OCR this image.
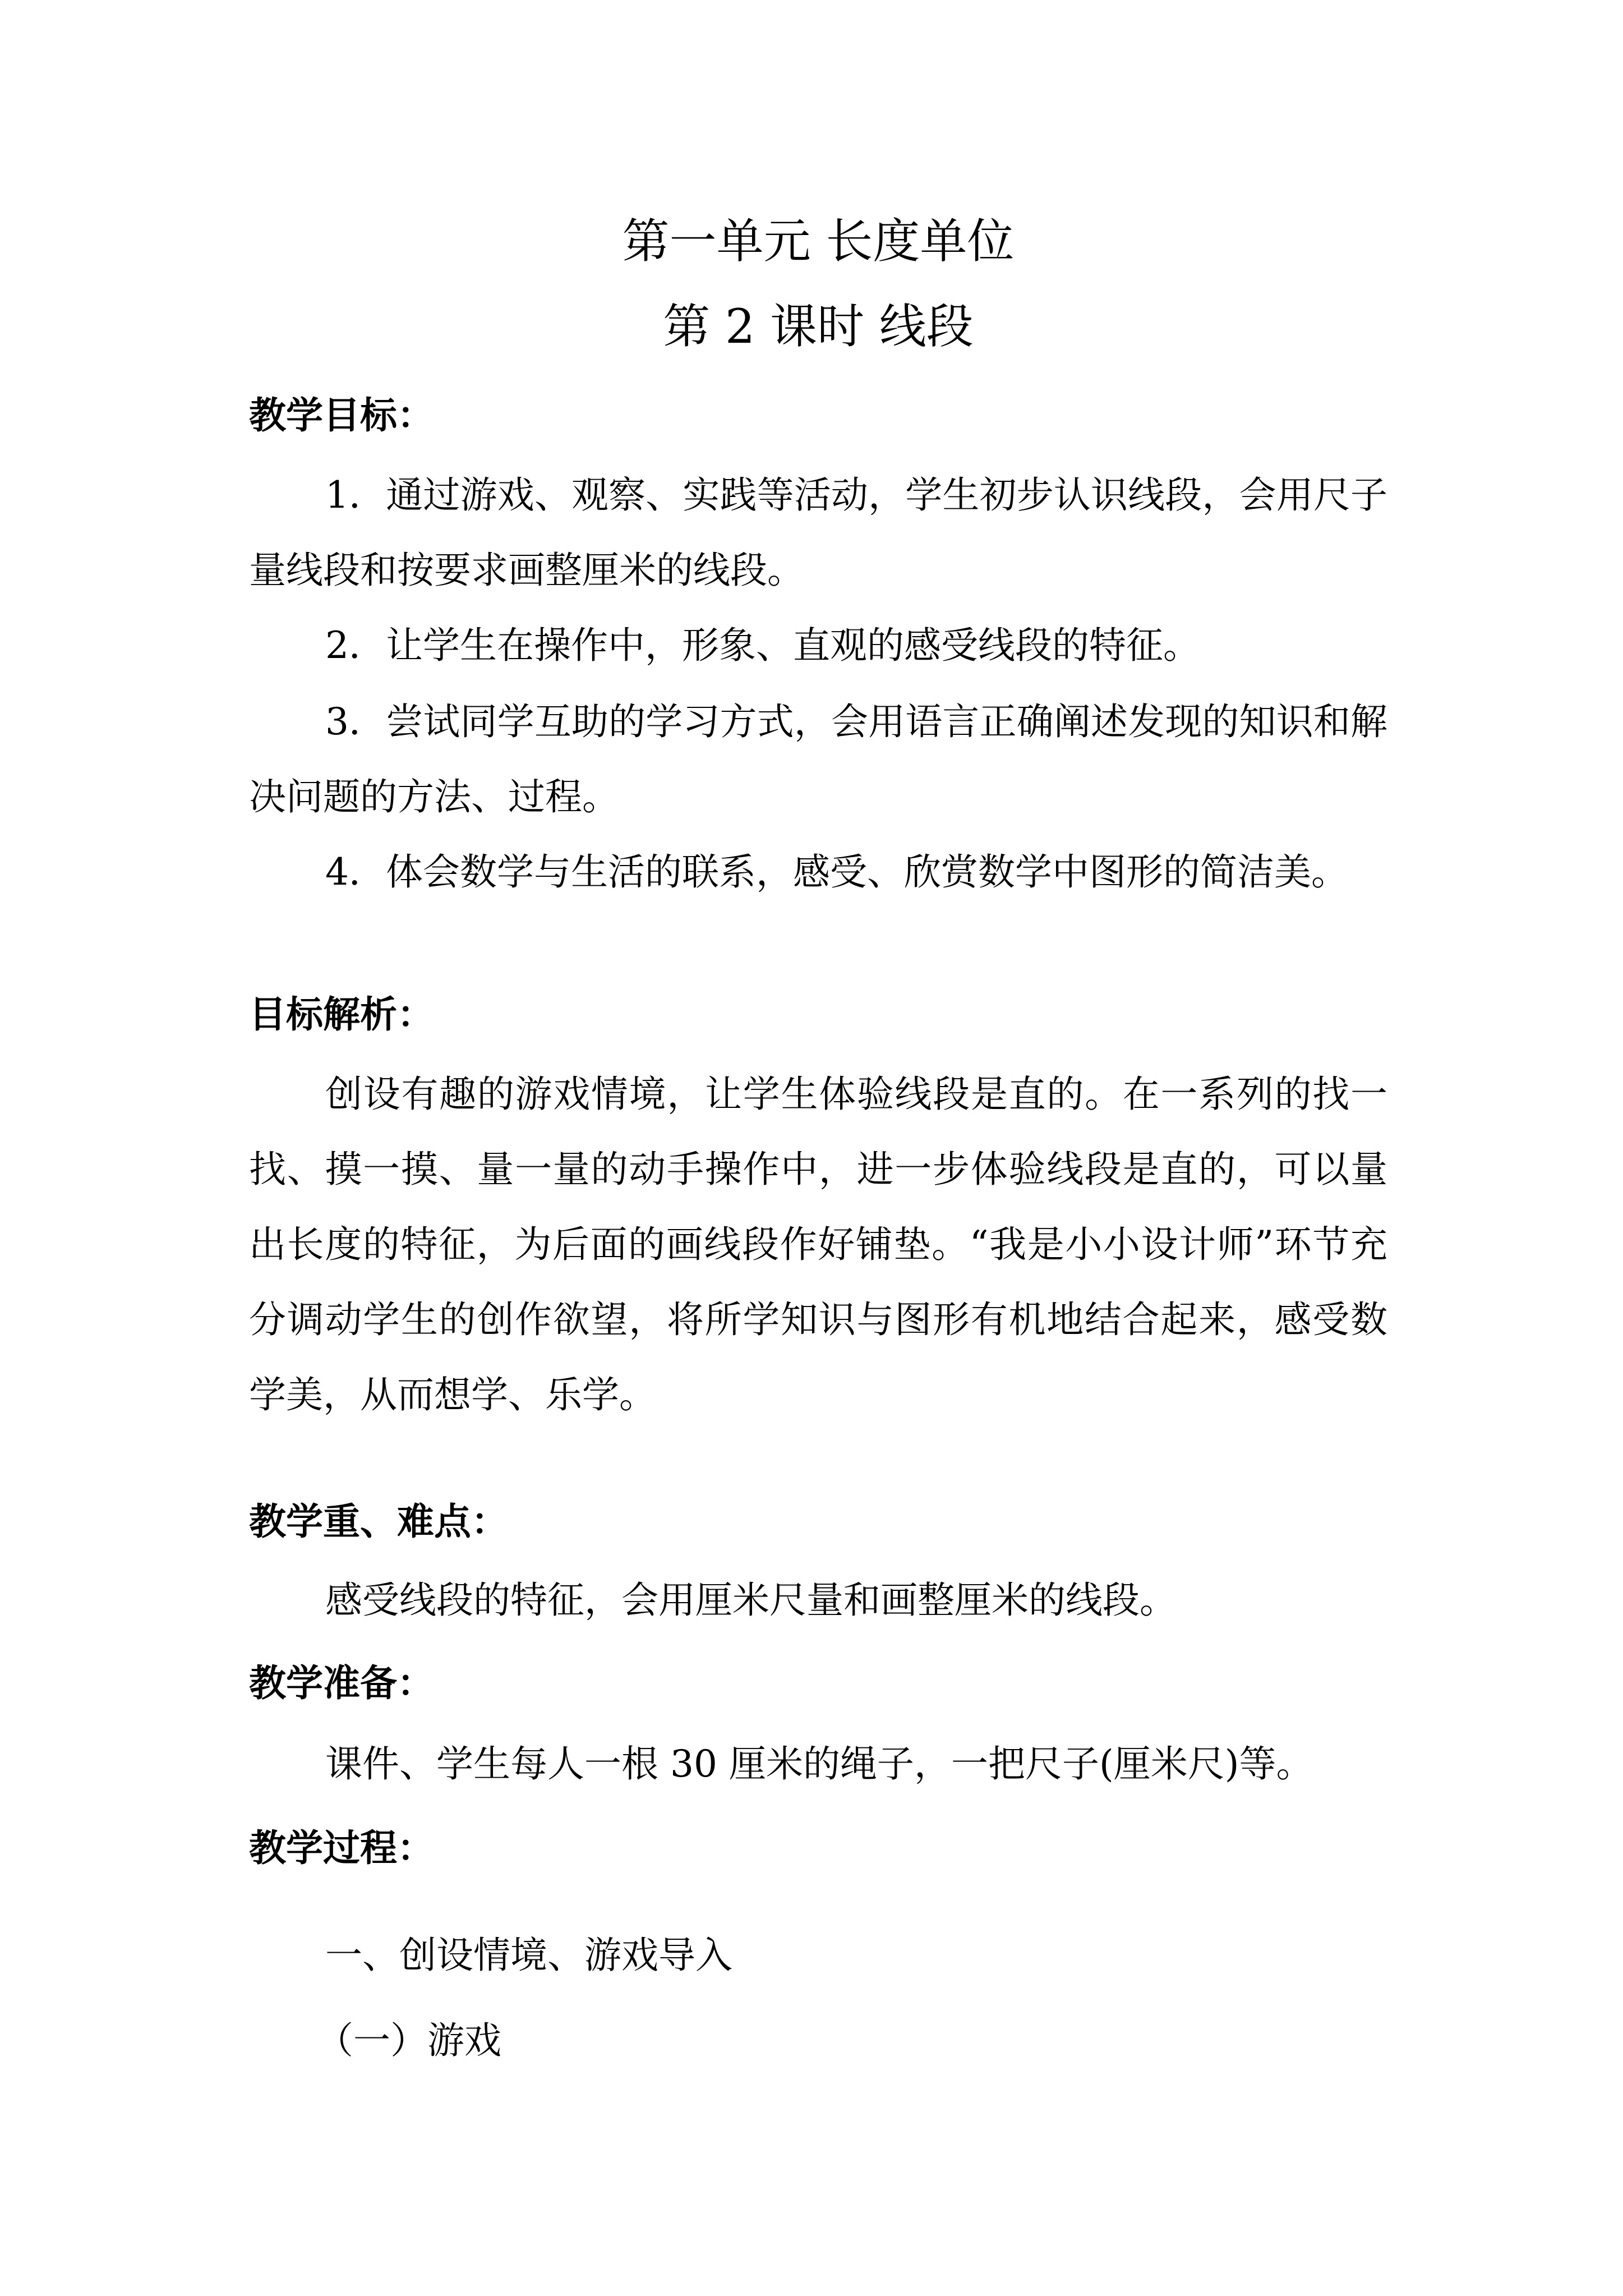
第一单元 长度单位
第 2 课时 线段
教学目标：

1．通过游戏、观察、实践等活动，学生初步认识线段，会用尺子量线段和按要求画整厘米的线段。

2．让学生在操作中，形象、直观的感受线段的特征。

3．尝试同学互助的学习方式，会用语言正确阐述发现的知识和解决问题的方法、过程。

4．体会数学与生活的联系，感受、欣赏数学中图形的简洁美。

目标解析：

创设有趣的游戏情境，让学生体验线段是直的。在一系列的找一找、摸一摸、量一量的动手操作中，进一步体验线段是直的，可以量出长度的特征，为后面的画线段作好铺垫。“我是小小设计师”环节充分调动学生的创作欲望，将所学知识与图形有机地结合起来，感受数学美，从而想学、乐学。

教学重、难点：

感受线段的特征，会用厘米尺量和画整厘米的线段。

教学准备：

课件、学生每人一根 30 厘米的绳子，一把尺子(厘米尺)等。

教学过程：
一、创设情境、游戏导入
（一）游戏
